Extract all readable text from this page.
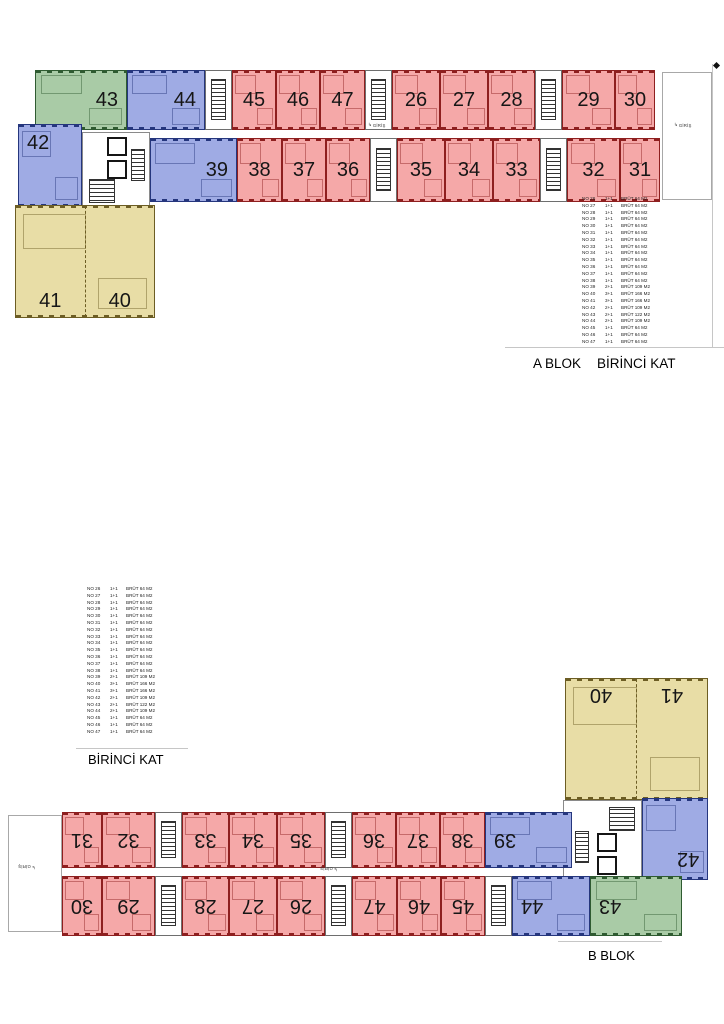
43	44	45	46	47	26	27	28	29	30
39	38	37	36	35	34	33	32	31
42
41	40
↳ GİRİŞ
↳ GİRİŞ
NO 26	1+1	BRÜT 64 M2
NO 27	1+1	BRÜT 64 M2
NO 28	1+1	BRÜT 64 M2
NO 29	1+1	BRÜT 64 M2
NO 30	1+1	BRÜT 64 M2
NO 31	1+1	BRÜT 64 M2
NO 32	1+1	BRÜT 64 M2
NO 33	1+1	BRÜT 64 M2
NO 34	1+1	BRÜT 64 M2
NO 35	1+1	BRÜT 64 M2
NO 36	1+1	BRÜT 64 M2
NO 37	1+1	BRÜT 64 M2
NO 38	1+1	BRÜT 64 M2
NO 39	2+1	BRÜT 109 M2
NO 40	3+1	BRÜT 166 M2
NO 41	3+1	BRÜT 166 M2
NO 42	2+1	BRÜT 109 M2
NO 43	2+1	BRÜT 122 M2
NO 44	2+1	BRÜT 109 M2
NO 45	1+1	BRÜT 64 M2
NO 46	1+1	BRÜT 64 M2
NO 47	1+1	BRÜT 64 M2
A BLOK BİRİNCİ KAT
NO 26	1+1	BRÜT 64 M2
NO 27	1+1	BRÜT 64 M2
NO 28	1+1	BRÜT 64 M2
NO 29	1+1	BRÜT 64 M2
NO 30	1+1	BRÜT 64 M2
NO 31	1+1	BRÜT 64 M2
NO 32	1+1	BRÜT 64 M2
NO 33	1+1	BRÜT 64 M2
NO 34	1+1	BRÜT 64 M2
NO 35	1+1	BRÜT 64 M2
NO 36	1+1	BRÜT 64 M2
NO 37	1+1	BRÜT 64 M2
NO 38	1+1	BRÜT 64 M2
NO 39	2+1	BRÜT 109 M2
NO 40	3+1	BRÜT 166 M2
NO 41	3+1	BRÜT 166 M2
NO 42	2+1	BRÜT 109 M2
NO 43	2+1	BRÜT 122 M2
NO 44	2+1	BRÜT 109 M2
NO 45	1+1	BRÜT 64 M2
NO 46	1+1	BRÜT 64 M2
NO 47	1+1	BRÜT 64 M2
BİRİNCİ KAT
40	41
42
31	32	33	34	35	36	37	38	39
30	29	28	27	26	47	46	45	44	43
↳
GİRİŞ	↳
GİRİŞ
B BLOK
